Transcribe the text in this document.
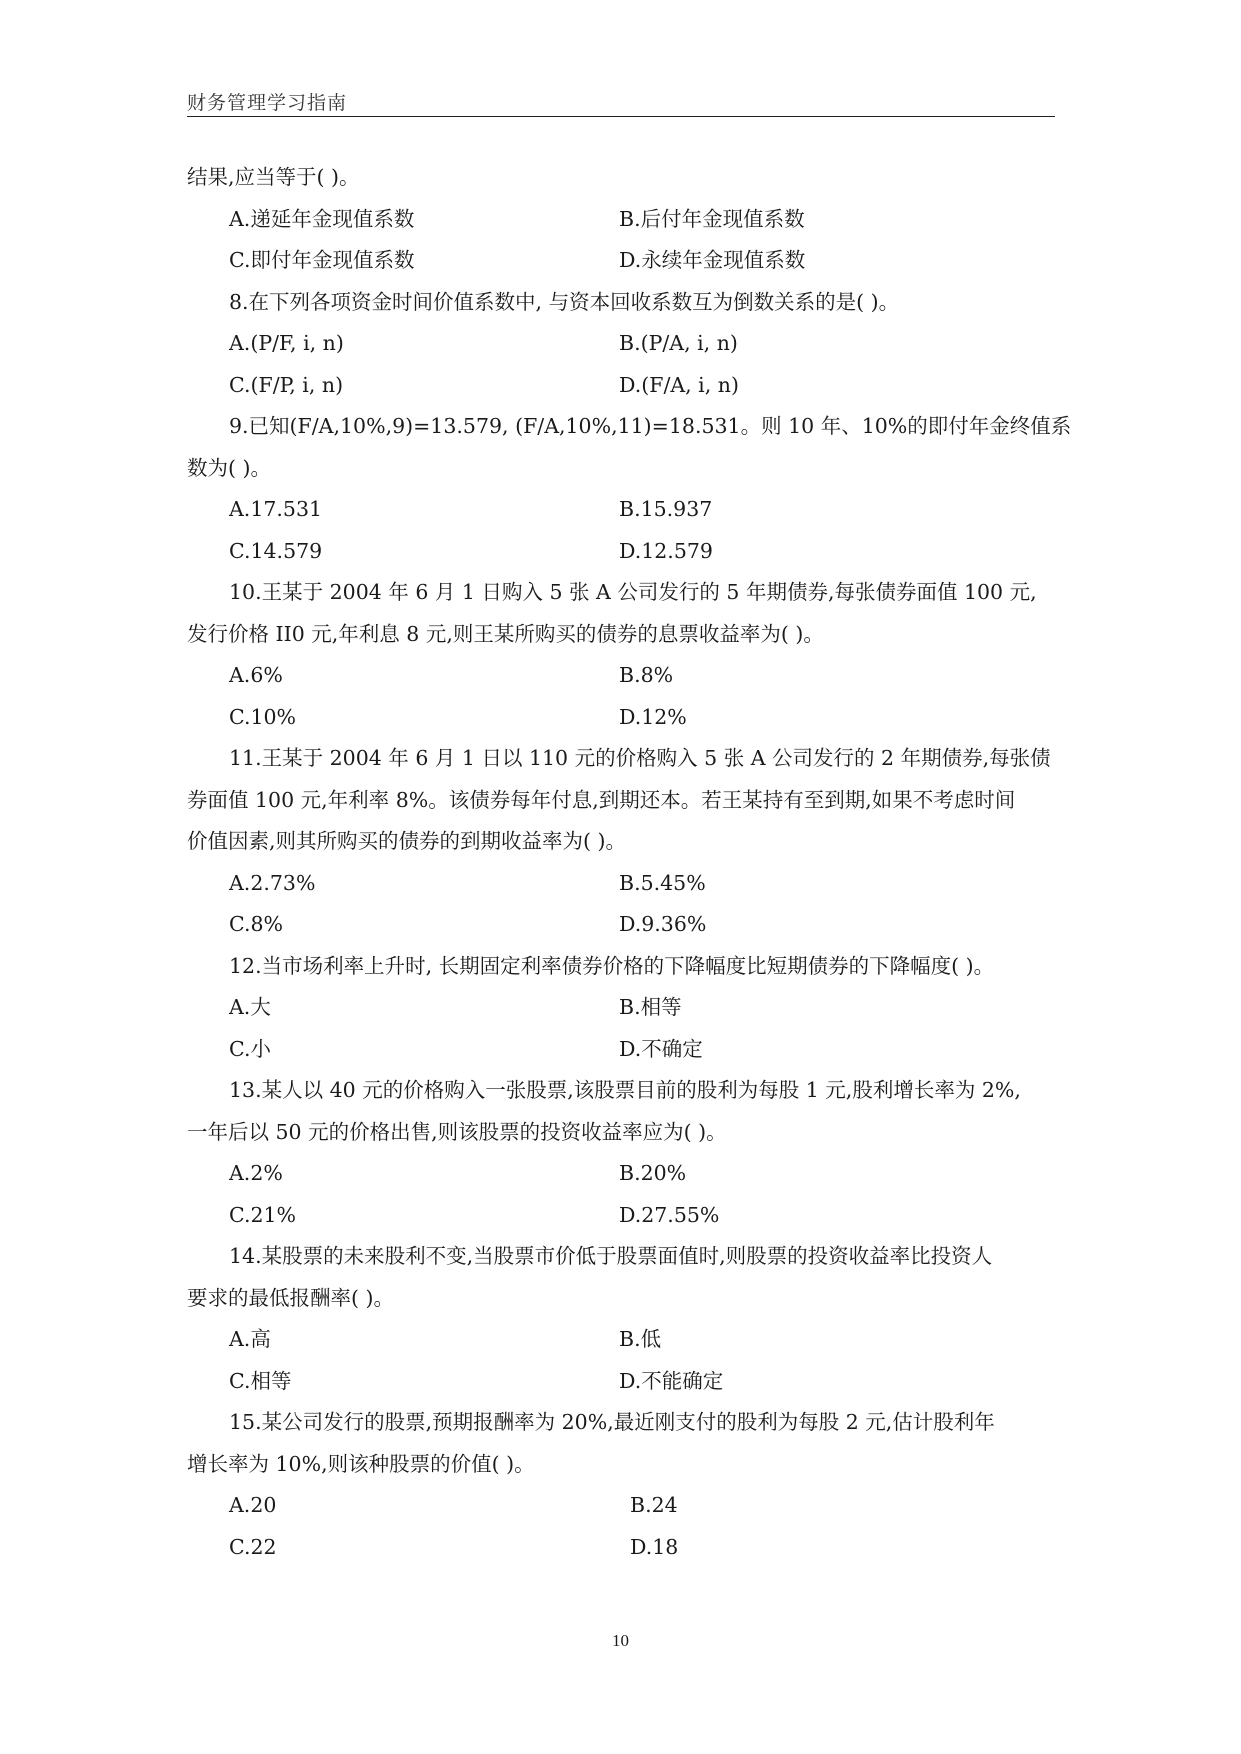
财务管理学习指南
结果,应当等于( )。
A.递延年金现值系数	B.后付年金现值系数
C.即付年金现值系数	D.永续年金现值系数
8.在下列各项资金时间价值系数中, 与资本回收系数互为倒数关系的是( )。
A.(P/F, i, n)	B.(P/A, i, n)
C.(F/P, i, n)	D.(F/A, i, n)
9.已知(F/A,10%,9)=13.579, (F/A,10%,11)=18.531。则 10 年、10%的即付年金终值系
数为( )。
A.17.531	B.15.937
C.14.579	D.12.579
10.王某于 2004 年 6 月 1 日购入 5 张 A 公司发行的 5 年期债券,每张债券面值 100 元,
发行价格 II0 元,年利息 8 元,则王某所购买的债券的息票收益率为( )。
A.6%	B.8%
C.10%	D.12%
11.王某于 2004 年 6 月 1 日以 110 元的价格购入 5 张 A 公司发行的 2 年期债券,每张债
券面值 100 元,年利率 8%。该债券每年付息,到期还本。若王某持有至到期,如果不考虑时间
价值因素,则其所购买的债券的到期收益率为( )。
A.2.73%	B.5.45%
C.8%	D.9.36%
12.当市场利率上升时, 长期固定利率债券价格的下降幅度比短期债券的下降幅度( )。
A.大	B.相等
C.小	D.不确定
13.某人以 40 元的价格购入一张股票,该股票目前的股利为每股 1 元,股利增长率为 2%,
一年后以 50 元的价格出售,则该股票的投资收益率应为( )。
A.2%	B.20%
C.21%	D.27.55%
14.某股票的未来股利不变,当股票市价低于股票面值时,则股票的投资收益率比投资人
要求的最低报酬率( )。
A.高	B.低
C.相等	D.不能确定
15.某公司发行的股票,预期报酬率为 20%,最近刚支付的股利为每股 2 元,估计股利年
增长率为 10%,则该种股票的价值( )。
A.20	B.24
C.22	D.18
10
